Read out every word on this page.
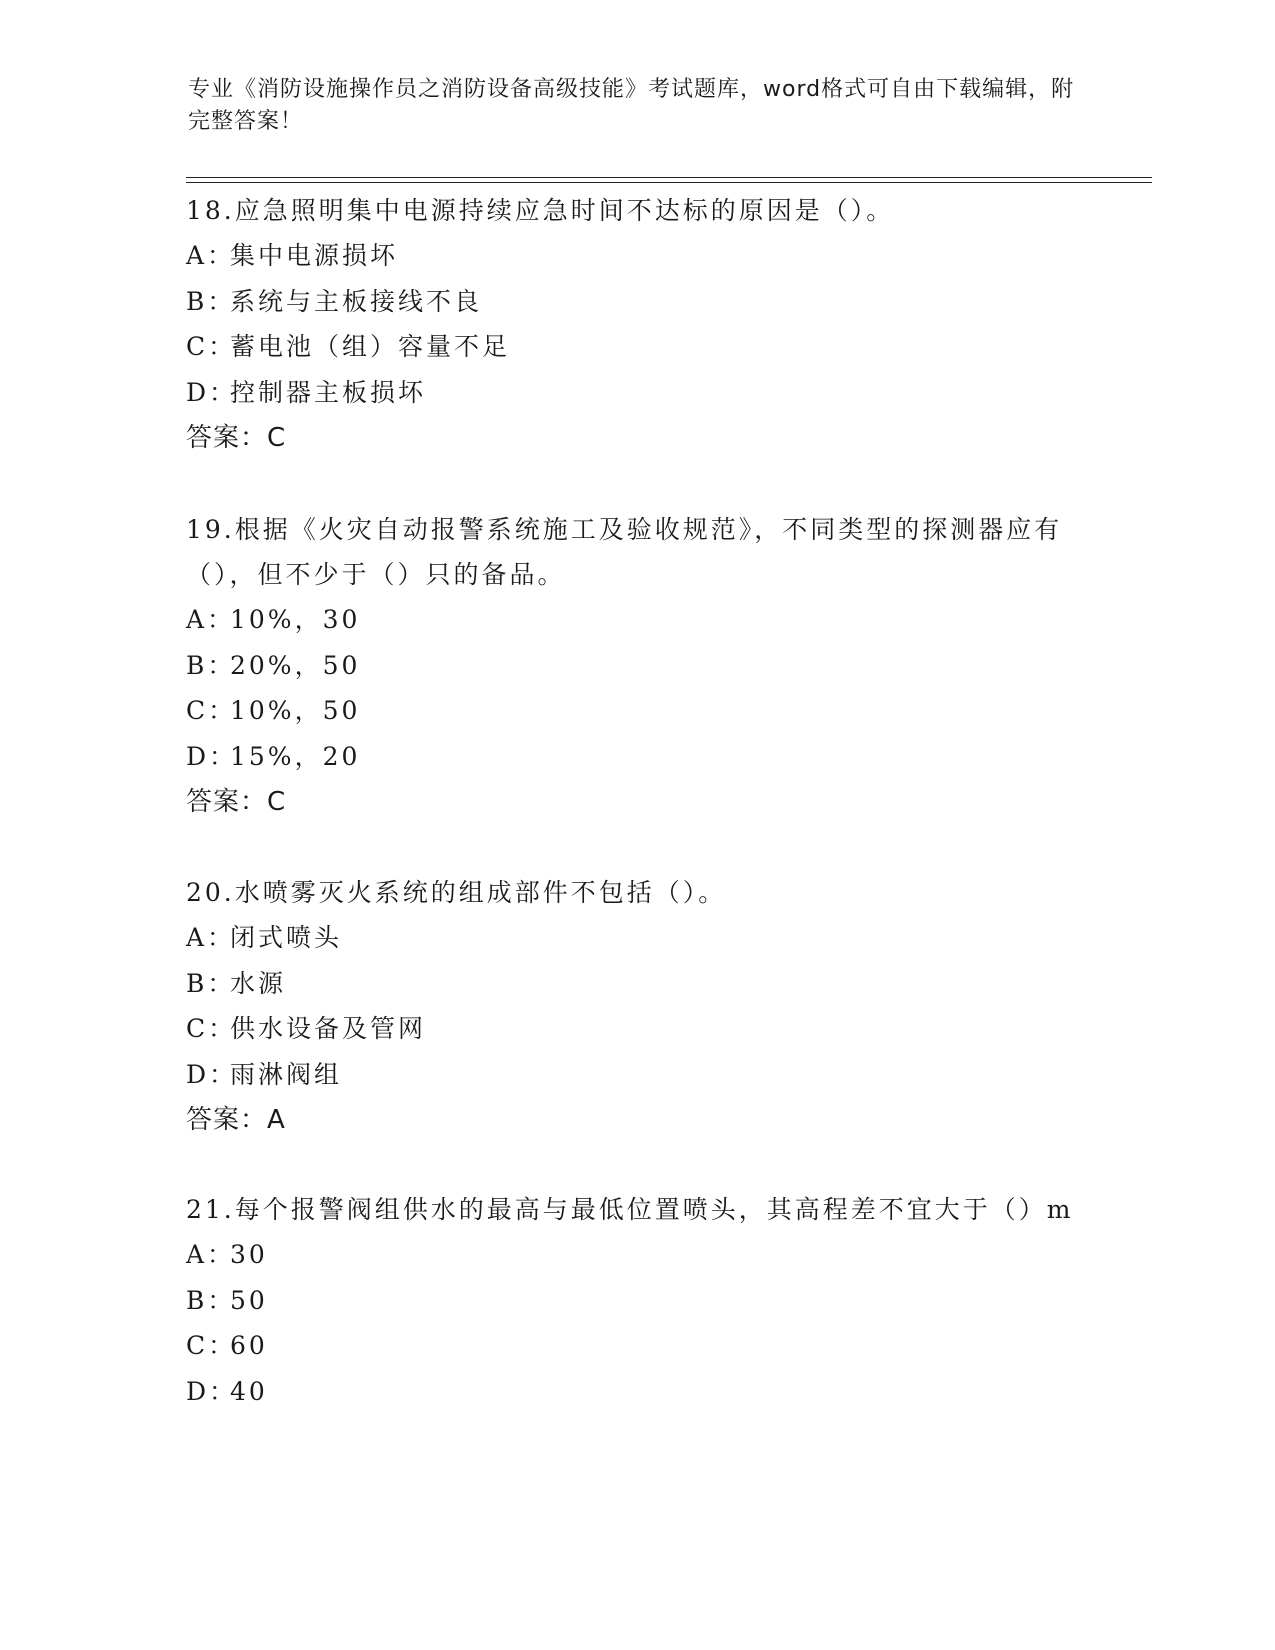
专业《消防设施操作员之消防设备高级技能》考试题库，word格式可自由下载编辑，附完整答案！
18.应急照明集中电源持续应急时间不达标的原因是（）。
A：
集中电源损坏
B：
系统与主板接线不良
C：
蓄电池（组）容量不足
D：
控制器主板损坏
答案：C
19.根据《火灾自动报警系统施工及验收规范》，不同类型的探测器应有（），但不少于（）只的备品。
A：
10%，30
B：
20%，50
C：
10%，50
D：
15%，20
答案：C
20.水喷雾灭火系统的组成部件不包括（）。
A：
闭式喷头
B：
水源
C：
供水设备及管网
D：
雨淋阀组
答案：A
21.每个报警阀组供水的最高与最低位置喷头，其高程差不宜大于（）m
A：
30
B：
50
C：
60
D：
40
